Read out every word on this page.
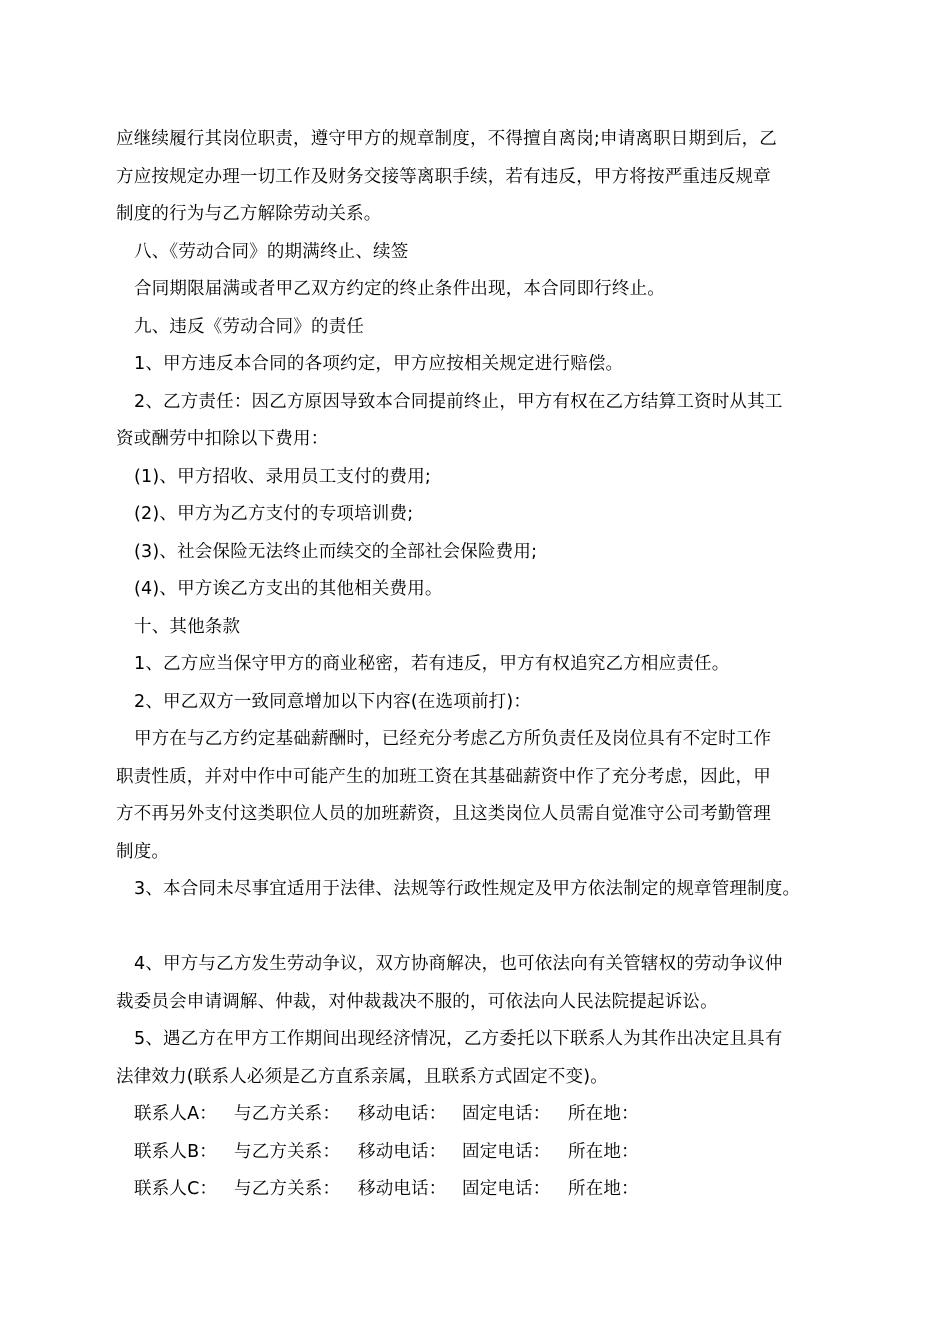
应继续履行其岗位职责，遵守甲方的规章制度，不得擅自离岗;申请离职日期到后，乙
方应按规定办理一切工作及财务交接等离职手续，若有违反，甲方将按严重违反规章
制度的行为与乙方解除劳动关系。
八、《劳动合同》的期满终止、续签
合同期限届满或者甲乙双方约定的终止条件出现，本合同即行终止。
九、违反《劳动合同》的责任
1、甲方违反本合同的各项约定，甲方应按相关规定进行赔偿。
2、乙方责任：因乙方原因导致本合同提前终止，甲方有权在乙方结算工资时从其工
资或酬劳中扣除以下费用：
(1)、甲方招收、录用员工支付的费用;
(2)、甲方为乙方支付的专项培训费;
(3)、社会保险无法终止而续交的全部社会保险费用;
(4)、甲方诶乙方支出的其他相关费用。
十、其他条款
1、乙方应当保守甲方的商业秘密，若有违反，甲方有权追究乙方相应责任。
2、甲乙双方一致同意增加以下内容(在选项前打)：
甲方在与乙方约定基础薪酬时，已经充分考虑乙方所负责任及岗位具有不定时工作
职责性质，并对中作中可能产生的加班工资在其基础薪资中作了充分考虑，因此，甲
方不再另外支付这类职位人员的加班薪资，且这类岗位人员需自觉准守公司考勤管理
制度。
3、本合同未尽事宜适用于法律、法规等行政性规定及甲方依法制定的规章管理制度。
4、甲方与乙方发生劳动争议，双方协商解决，也可依法向有关管辖权的劳动争议仲
裁委员会申请调解、仲裁，对仲裁裁决不服的，可依法向人民法院提起诉讼。
5、遇乙方在甲方工作期间出现经济情况，乙方委托以下联系人为其作出决定且具有
法律效力(联系人必须是乙方直系亲属，且联系方式固定不变)。
联系人A： 与乙方关系： 移动电话： 固定电话： 所在地：
联系人B： 与乙方关系： 移动电话： 固定电话： 所在地：
联系人C： 与乙方关系： 移动电话： 固定电话： 所在地：
